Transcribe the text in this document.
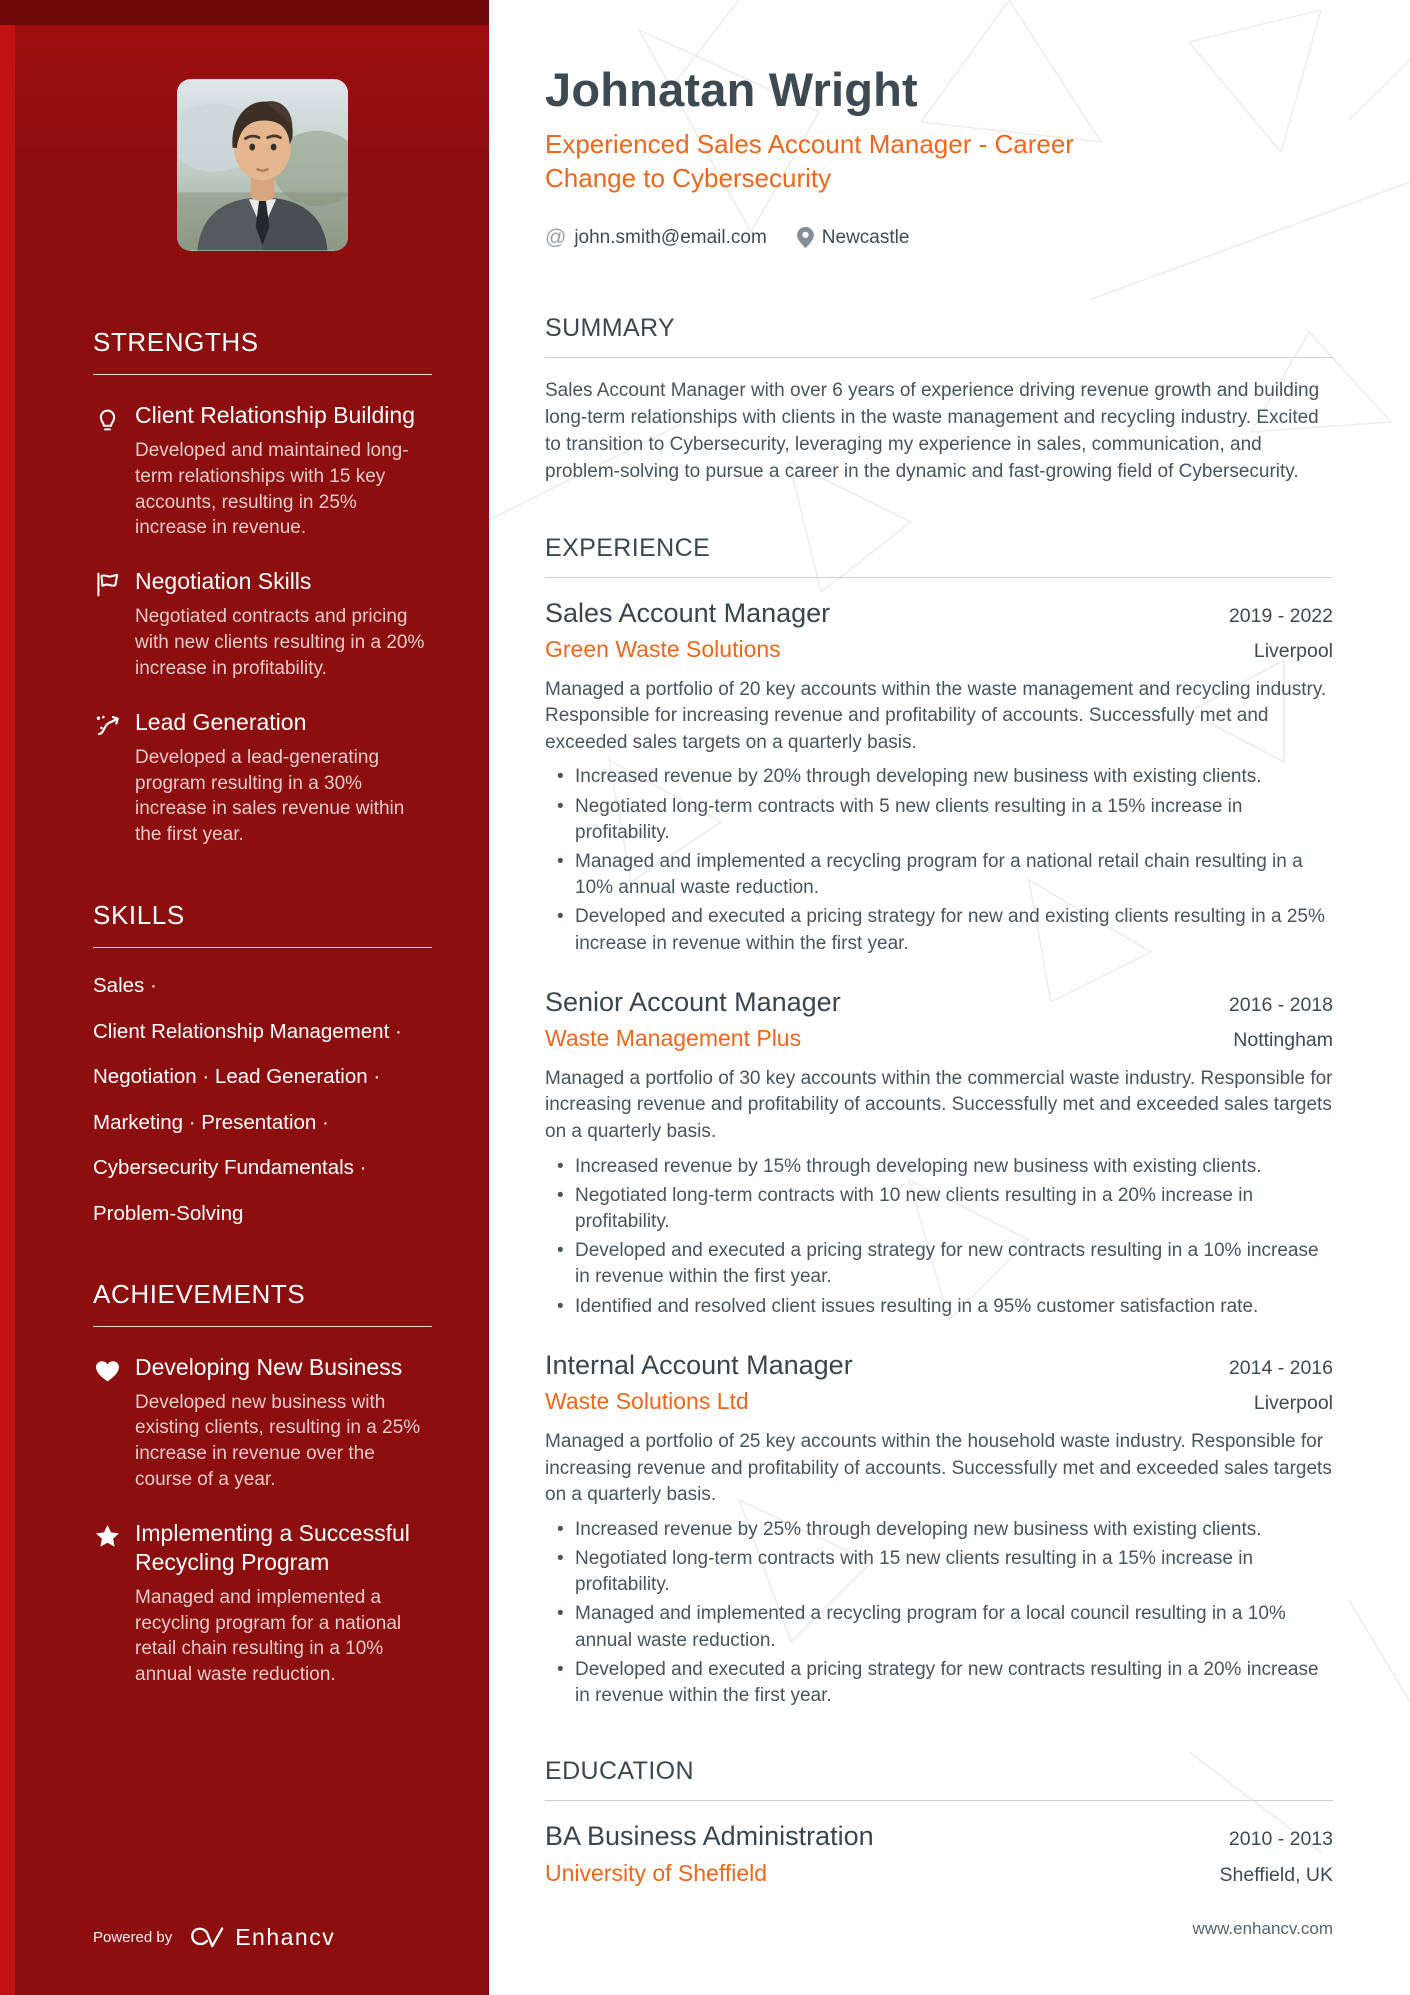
STRENGTHS
Client Relationship Building

Developed and maintained long-term relationships with 15 key accounts, resulting in 25% increase in revenue.

Negotiation Skills

Negotiated contracts and pricing with new clients resulting in a 20% increase in profitability.

Lead Generation

Developed a lead-generating program resulting in a 30% increase in sales revenue within the first year.

SKILLS
Sales ·
Client Relationship Management ·
Negotiation · Lead Generation ·
Marketing · Presentation ·
Cybersecurity Fundamentals ·
Problem-Solving
ACHIEVEMENTS
Developing New Business

Developed new business with existing clients, resulting in a 25% increase in revenue over the course of a year.

Implementing a Successful Recycling Program

Managed and implemented a recycling program for a national retail chain resulting in a 10% annual waste reduction.

Powered by	Enhancv
Johnatan Wright

Experienced Sales Account Manager - Career Change to Cybersecurity

@ john.smith@email.com	Newcastle
SUMMARY

Sales Account Manager with over 6 years of experience driving revenue growth and building long-term relationships with clients in the waste management and recycling industry. Excited to transition to Cybersecurity, leveraging my experience in sales, communication, and problem-solving to pursue a career in the dynamic and fast-growing field of Cybersecurity.

EXPERIENCE
Sales Account Manager	2019 - 2022
Green Waste Solutions	Liverpool

Managed a portfolio of 20 key accounts within the waste management and recycling industry. Responsible for increasing revenue and profitability of accounts. Successfully met and exceeded sales targets on a quarterly basis.

• Increased revenue by 20% through developing new business with existing clients.
• Negotiated long-term contracts with 5 new clients resulting in a 15% increase in profitability.
• Managed and implemented a recycling program for a national retail chain resulting in a 10% annual waste reduction.
• Developed and executed a pricing strategy for new and existing clients resulting in a 25% increase in revenue within the first year.
Senior Account Manager	2016 - 2018
Waste Management Plus	Nottingham

Managed a portfolio of 30 key accounts within the commercial waste industry. Responsible for increasing revenue and profitability of accounts. Successfully met and exceeded sales targets on a quarterly basis.

• Increased revenue by 15% through developing new business with existing clients.
• Negotiated long-term contracts with 10 new clients resulting in a 20% increase in profitability.
• Developed and executed a pricing strategy for new contracts resulting in a 10% increase in revenue within the first year.
• Identified and resolved client issues resulting in a 95% customer satisfaction rate.
Internal Account Manager	2014 - 2016
Waste Solutions Ltd	Liverpool

Managed a portfolio of 25 key accounts within the household waste industry. Responsible for increasing revenue and profitability of accounts. Successfully met and exceeded sales targets on a quarterly basis.

• Increased revenue by 25% through developing new business with existing clients.
• Negotiated long-term contracts with 15 new clients resulting in a 15% increase in profitability.
• Managed and implemented a recycling program for a local council resulting in a 10% annual waste reduction.
• Developed and executed a pricing strategy for new contracts resulting in a 20% increase in revenue within the first year.
EDUCATION
BA Business Administration	2010 - 2013
University of Sheffield	Sheffield, UK
www.enhancv.com
